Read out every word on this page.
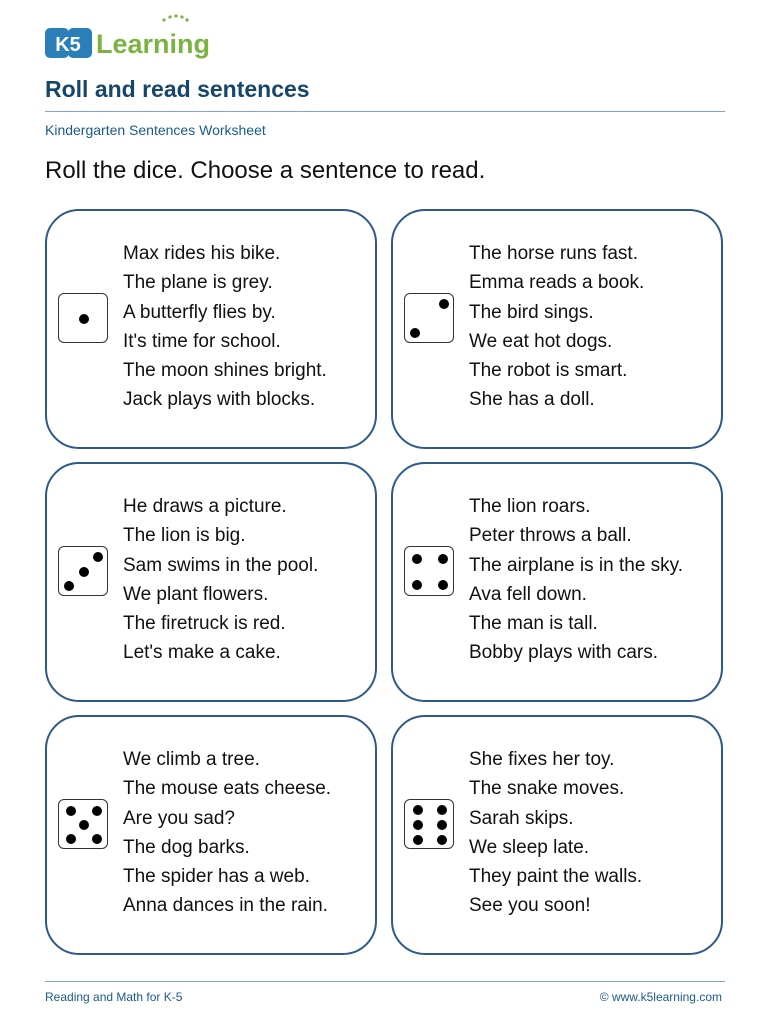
K5 Learning
Roll and read sentences
Kindergarten Sentences Worksheet
Roll the dice. Choose a sentence to read.
Max rides his bike.
The plane is grey.
A butterfly flies by.
It's time for school.
The moon shines bright.
Jack plays with blocks.
The horse runs fast.
Emma reads a book.
The bird sings.
We eat hot dogs.
The robot is smart.
She has a doll.
He draws a picture.
The lion is big.
Sam swims in the pool.
We plant flowers.
The firetruck is red.
Let's make a cake.
The lion roars.
Peter throws a ball.
The airplane is in the sky.
Ava fell down.
The man is tall.
Bobby plays with cars.
We climb a tree.
The mouse eats cheese.
Are you sad?
The dog barks.
The spider has a web.
Anna dances in the rain.
She fixes her toy.
The snake moves.
Sarah skips.
We sleep late.
They paint the walls.
See you soon!
Reading and Math for K-5	© www.k5learning.com
